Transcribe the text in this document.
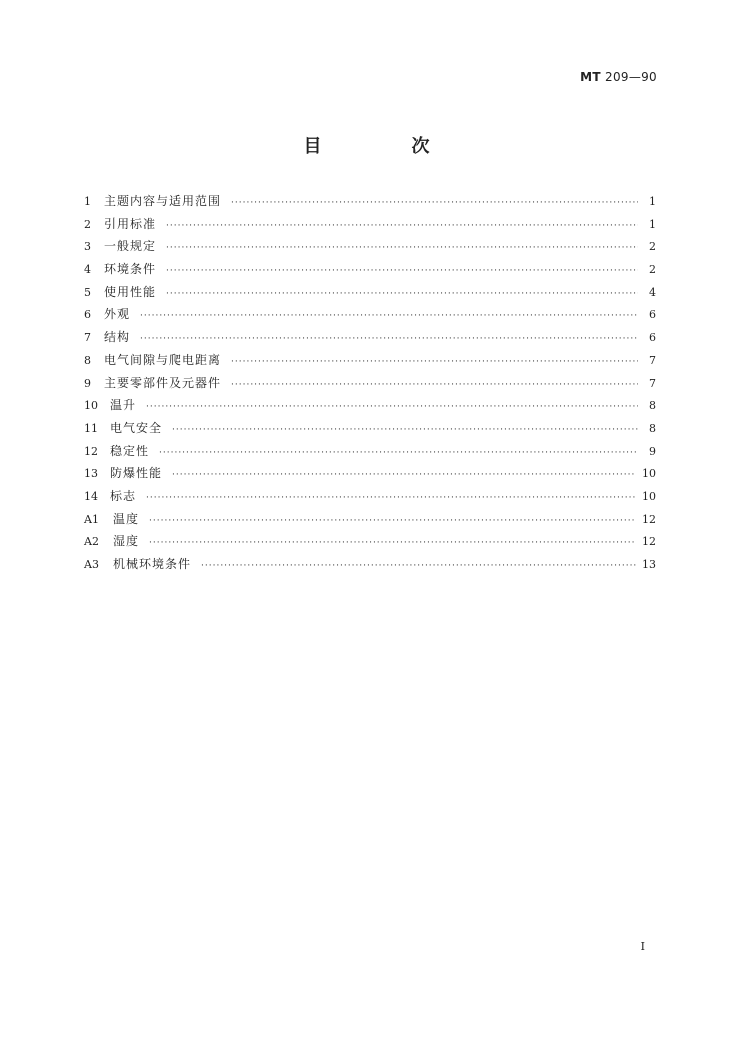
MT 209—90
目　次
1	主题内容与适用范围 ·····	1
2	引用标准 ·····	1
3	一般规定 ·····	2
4	环境条件 ·····	2
5	使用性能 ·····	4
6	外观 ·····	6
7	结构 ·····	6
8	电气间隙与爬电距离 ·····	7
9	主要零部件及元器件 ·····	7
10	温升 ·····	8
11	电气安全 ·····	8
12	稳定性 ·····	9
13	防爆性能 ·····	10
14	标志 ·····	10
A1	温度 ·····	12
A2	湿度 ·····	12
A3	机械环境条件 ·····	13
I
